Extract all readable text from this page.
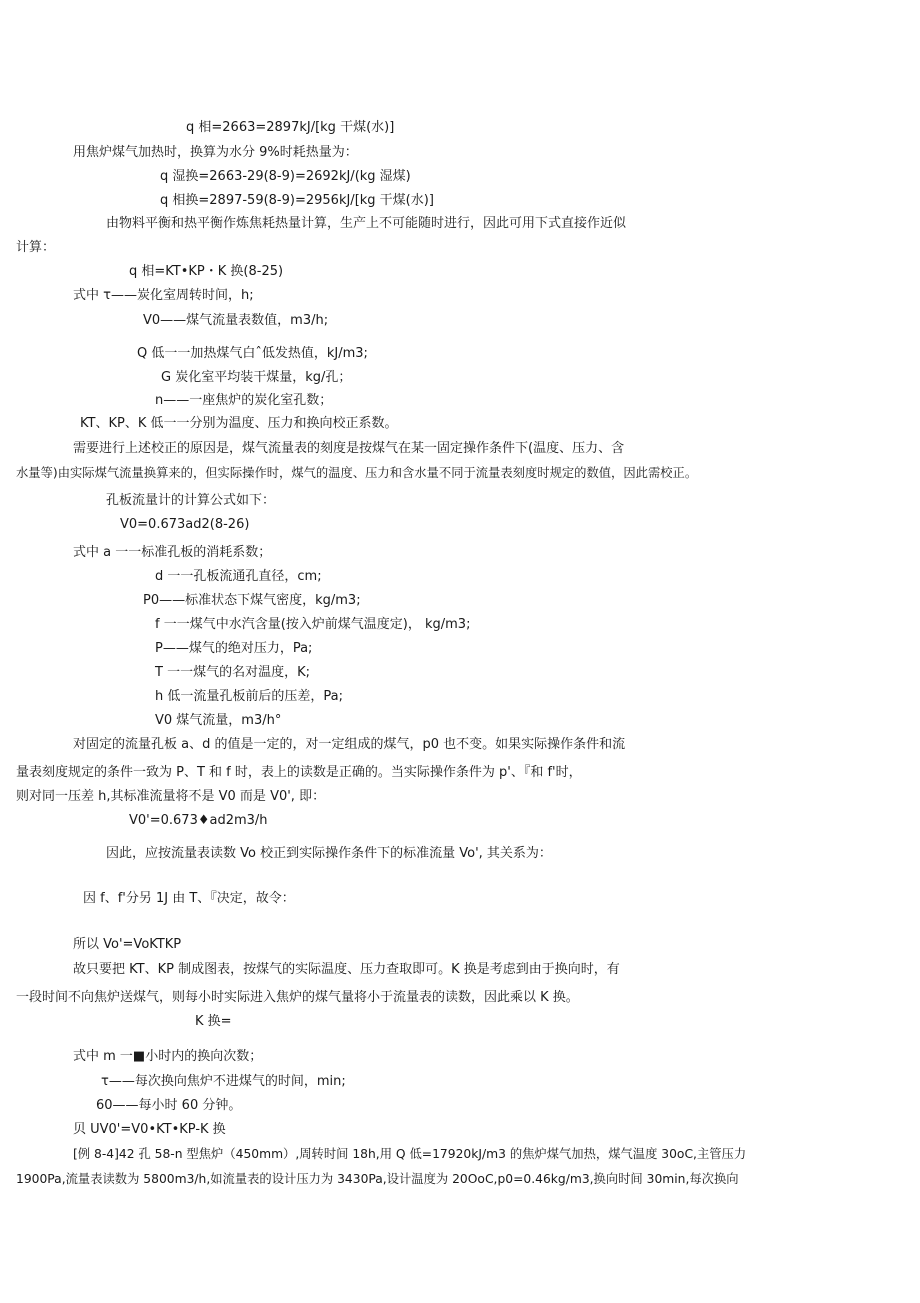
q 相=2663=2897kJ/[kg 干煤(水)]
用焦炉煤气加热时，换算为水分 9%时耗热量为：
q 湿换=2663-29(8-9)=2692kJ/(kg 湿煤)
q 相换=2897-59(8-9)=2956kJ/[kg 干煤(水)]
由物料平衡和热平衡作炼焦耗热量计算，生产上不可能随时进行，因此可用下式直接作近似
计算：
q 相=KT•KP・K 换(8-25)
式中 τ——炭化室周转时间，h;
V0——煤气流量表数值，m3/h;
Q 低一一加热煤气白ˆ低发热值，kJ/m3;
G 炭化室平均装干煤量，kg/孔；
n——一座焦炉的炭化室孔数；
KT、KP、K 低一一分别为温度、压力和换向校正系数。
需要进行上述校正的原因是，煤气流量表的刻度是按煤气在某一固定操作条件下(温度、压力、含
水量等)由实际煤气流量换算来的，但实际操作时，煤气的温度、压力和含水量不同于流量表刻度时规定的数值，因此需校正。
孔板流量计的计算公式如下：
V0=0.673ad2(8-26)
式中 a 一一标准孔板的消耗系数；
d 一一孔板流通孔直径，cm;
P0——标准状态下煤气密度，kg/m3;
f 一一煤气中水汽含量(按入炉前煤气温度定)， kg/m3;
P——煤气的绝对压力，Pa;
T 一一煤气的名对温度，K;
h 低一流量孔板前后的压差，Pa;
V0 煤气流量，m3/h°
对固定的流量孔板 a、d 的值是一定的，对一定组成的煤气，p0 也不变。如果实际操作条件和流
量表刻度规定的条件一致为 P、T 和 f 时，表上的读数是正确的。当实际操作条件为 p'、『和 f'时，
则对同一压差 h,其标准流量将不是 V0 而是 V0', 即：
V0'=0.673♦ad2m3/h
因此，应按流量表读数 Vo 校正到实际操作条件下的标准流量 Vo', 其关系为：
因 f、f'分另 1J 由 T、『决定，故令：
所以 Vo'=VoKTKP
故只要把 KT、KP 制成图表，按煤气的实际温度、压力查取即可。K 换是考虑到由于换向时，有
一段时间不向焦炉送煤气，则每小时实际进入焦炉的煤气量将小于流量表的读数，因此乘以 K 换。
K 换=
式中 m 一■小时内的换向次数；
τ——每次换向焦炉不进煤气的时间，min;
60——每小时 60 分钟。
贝 UV0'=V0•KT•KP-K 换
[例 8-4]42 孔 58-n 型焦炉（450mm）,周转时间 18h,用 Q 低=17920kJ/m3 的焦炉煤气加热，煤气温度 30oC,主管压力
1900Pa,流量表读数为 5800m3/h,如流量表的设计压力为 3430Pa,设计温度为 20OoC,p0=0.46kg/m3,换向时间 30min,每次换向
